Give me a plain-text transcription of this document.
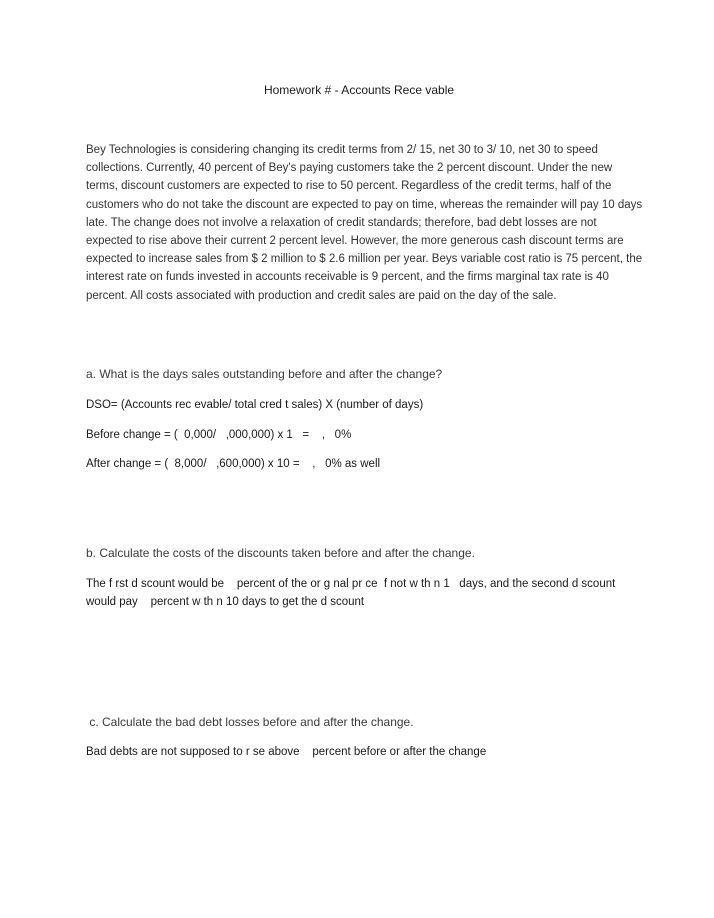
Homework # - Accounts Rece vable
Bey Technologies is considering changing its credit terms from 2/ 15, net 30 to 3/ 10, net 30 to speed collections. Currently, 40 percent of Bey's paying customers take the 2 percent discount. Under the new terms, discount customers are expected to rise to 50 percent. Regardless of the credit terms, half of the customers who do not take the discount are expected to pay on time, whereas the remainder will pay 10 days late. The change does not involve a relaxation of credit standards; therefore, bad debt losses are not expected to rise above their current 2 percent level. However, the more generous cash discount terms are expected to increase sales from $ 2 million to $ 2.6 million per year. Beys variable cost ratio is 75 percent, the interest rate on funds invested in accounts receivable is 9 percent, and the firms marginal tax rate is 40 percent. All costs associated with production and credit sales are paid on the day of the sale.
a. What is the days sales outstanding before and after the change?
DSO= (Accounts rec evable/ total cred t sales) X (number of days)
Before change = (  0,000/   ,000,000) x 1   =    ,   0%
After change = (  8,000/   ,600,000) x 10 =    ,   0% as well
b. Calculate the costs of the discounts taken before and after the change.
The f rst d scount would be    percent of the or g nal pr ce  f not w th n 1   days, and the second d scount would pay    percent w th n 10 days to get the d scount
c. Calculate the bad debt losses before and after the change.
Bad debts are not supposed to r se above    percent before or after the change
